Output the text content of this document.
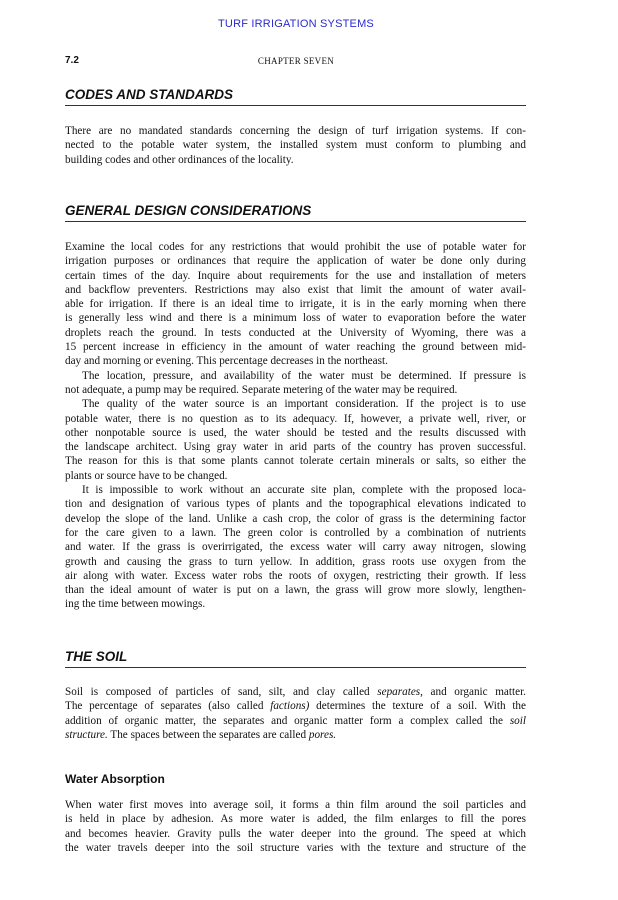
TURF IRRIGATION SYSTEMS
7.2	CHAPTER SEVEN
CODES AND STANDARDS
There are no mandated standards concerning the design of turf irrigation systems. If con-
nected to the potable water system, the installed system must conform to plumbing and
building codes and other ordinances of the locality.
GENERAL DESIGN CONSIDERATIONS
Examine the local codes for any restrictions that would prohibit the use of potable water for
irrigation purposes or ordinances that require the application of water be done only during
certain times of the day. Inquire about requirements for the use and installation of meters
and backflow preventers. Restrictions may also exist that limit the amount of water avail-
able for irrigation. If there is an ideal time to irrigate, it is in the early morning when there
is generally less wind and there is a minimum loss of water to evaporation before the water
droplets reach the ground. In tests conducted at the University of Wyoming, there was a
15 percent increase in efficiency in the amount of water reaching the ground between mid-
day and morning or evening. This percentage decreases in the northeast.
The location, pressure, and availability of the water must be determined. If pressure is
not adequate, a pump may be required. Separate metering of the water may be required.
The quality of the water source is an important consideration. If the project is to use
potable water, there is no question as to its adequacy. If, however, a private well, river, or
other nonpotable source is used, the water should be tested and the results discussed with
the landscape architect. Using gray water in arid parts of the country has proven successful.
The reason for this is that some plants cannot tolerate certain minerals or salts, so either the
plants or source have to be changed.
It is impossible to work without an accurate site plan, complete with the proposed loca-
tion and designation of various types of plants and the topographical elevations indicated to
develop the slope of the land. Unlike a cash crop, the color of grass is the determining factor
for the care given to a lawn. The green color is controlled by a combination of nutrients
and water. If the grass is overirrigated, the excess water will carry away nitrogen, slowing
growth and causing the grass to turn yellow. In addition, grass roots use oxygen from the
air along with water. Excess water robs the roots of oxygen, restricting their growth. If less
than the ideal amount of water is put on a lawn, the grass will grow more slowly, lengthen-
ing the time between mowings.
THE SOIL
Soil is composed of particles of sand, silt, and clay called separates, and organic matter.
The percentage of separates (also called factions) determines the texture of a soil. With the
addition of organic matter, the separates and organic matter form a complex called the soil
structure. The spaces between the separates are called pores.
Water Absorption
When water first moves into average soil, it forms a thin film around the soil particles and
is held in place by adhesion. As more water is added, the film enlarges to fill the pores
and becomes heavier. Gravity pulls the water deeper into the ground. The speed at which
the water travels deeper into the soil structure varies with the texture and structure of the
